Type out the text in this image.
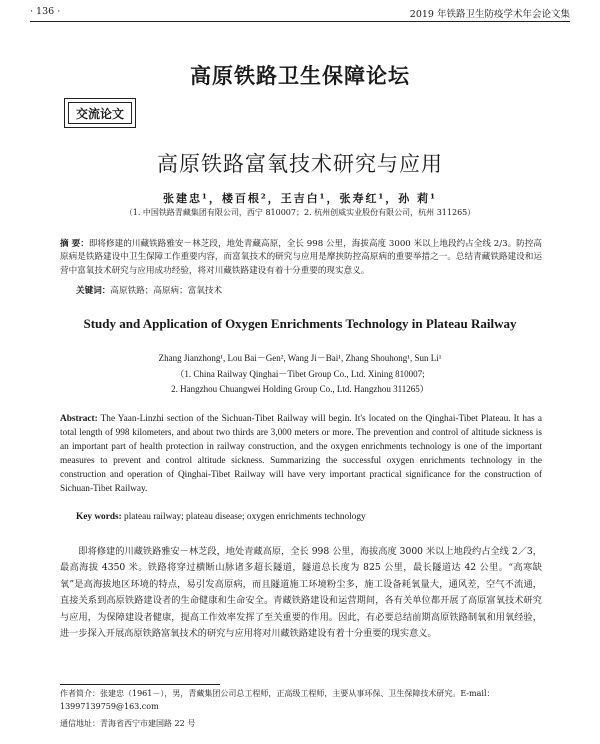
· 136 ·	2019 年铁路卫生防疫学术年会论文集
高原铁路卫生保障论坛
交流论文
高原铁路富氧技术研究与应用
张建忠¹，楼百根²，王吉白¹，张寿红¹，孙 莉¹
（1. 中国铁路青藏集团有限公司，西宁 810007；2. 杭州创威实业股份有限公司，杭州 311265）
摘 要：即将修建的川藏铁路雅安－林芝段，地处青藏高原，全长 998 公里，海拔高度 3000 米以上地段约占全线 2/3。防控高原病是铁路建设中卫生保障工作重要内容，而富氧技术的研究与应用是摩挟防控高原病的重要举措之一。总结青藏铁路建设和运营中富氧技术研究与应用成功经验，将对川藏铁路建设有着十分重要的现实意义。
关键词：高原铁路；高原病；富氧技术
Study and Application of Oxygen Enrichments Technology in Plateau Railway
Zhang Jianzhong¹, Lou Bai－Gen², Wang Ji－Bai¹, Zhang Shouhong¹, Sun Li¹
（1. China Railway Qinghai－Tibet Group Co., Ltd. Xining 810007;
2. Hangzhou Chuangwei Holding Group Co., Ltd. Hangzhou 311265）
Abstract: The Yaan-Linzhi section of the Sichuan-Tibet Railway will begin. It's located on the Qinghai-Tibet Plateau. It has a total length of 998 kilometers, and about two thirds are 3,000 meters or more. The prevention and control of altitude sickness is an important part of health protection in railway construction, and the oxygen enrichments technology is one of the important measures to prevent and control altitude sickness. Summarizing the successful oxygen enrichments technology in the construction and operation of Qinghai-Tibet Railway will have very important practical significance for the construction of Sichuan-Tibet Railway.
Key words: plateau railway; plateau disease; oxygen enrichments technology
即将修建的川藏铁路雅安－林芝段，地处青藏高原，全长 998 公里，海拔高度 3000 米以上地段约占全线 2／3，最高海拔 4350 米。铁路将穿过横断山脉诸多超长隧道，隧道总长度为 825 公里，最长隧道达 42 公里。“高寒缺氧”是高海拔地区环境的特点，易引发高原病，而且隧道施工环境粉尘多，施工设备耗氧量大，通风差，空气不流通，直接关系到高原铁路建设者的生命健康和生命安全。青藏铁路建设和运营期间，各有关单位都开展了高原富氧技术研究与应用，为保障建设者健康，提高工作效率发挥了至关重要的作用。因此，有必要总结前期高原铁路制氧和用氧经验，进一步探入开展高原铁路富氧技术的研究与应用将对川藏铁路建设有着十分重要的现实意义。
作者简介：张建忠（1961－），男，青藏集团公司总工程师，正高级工程师，主要从事环保、卫生保障技术研究。E-mail：13997139759@163.com
通信地址：青海省西宁市建国路 22 号
